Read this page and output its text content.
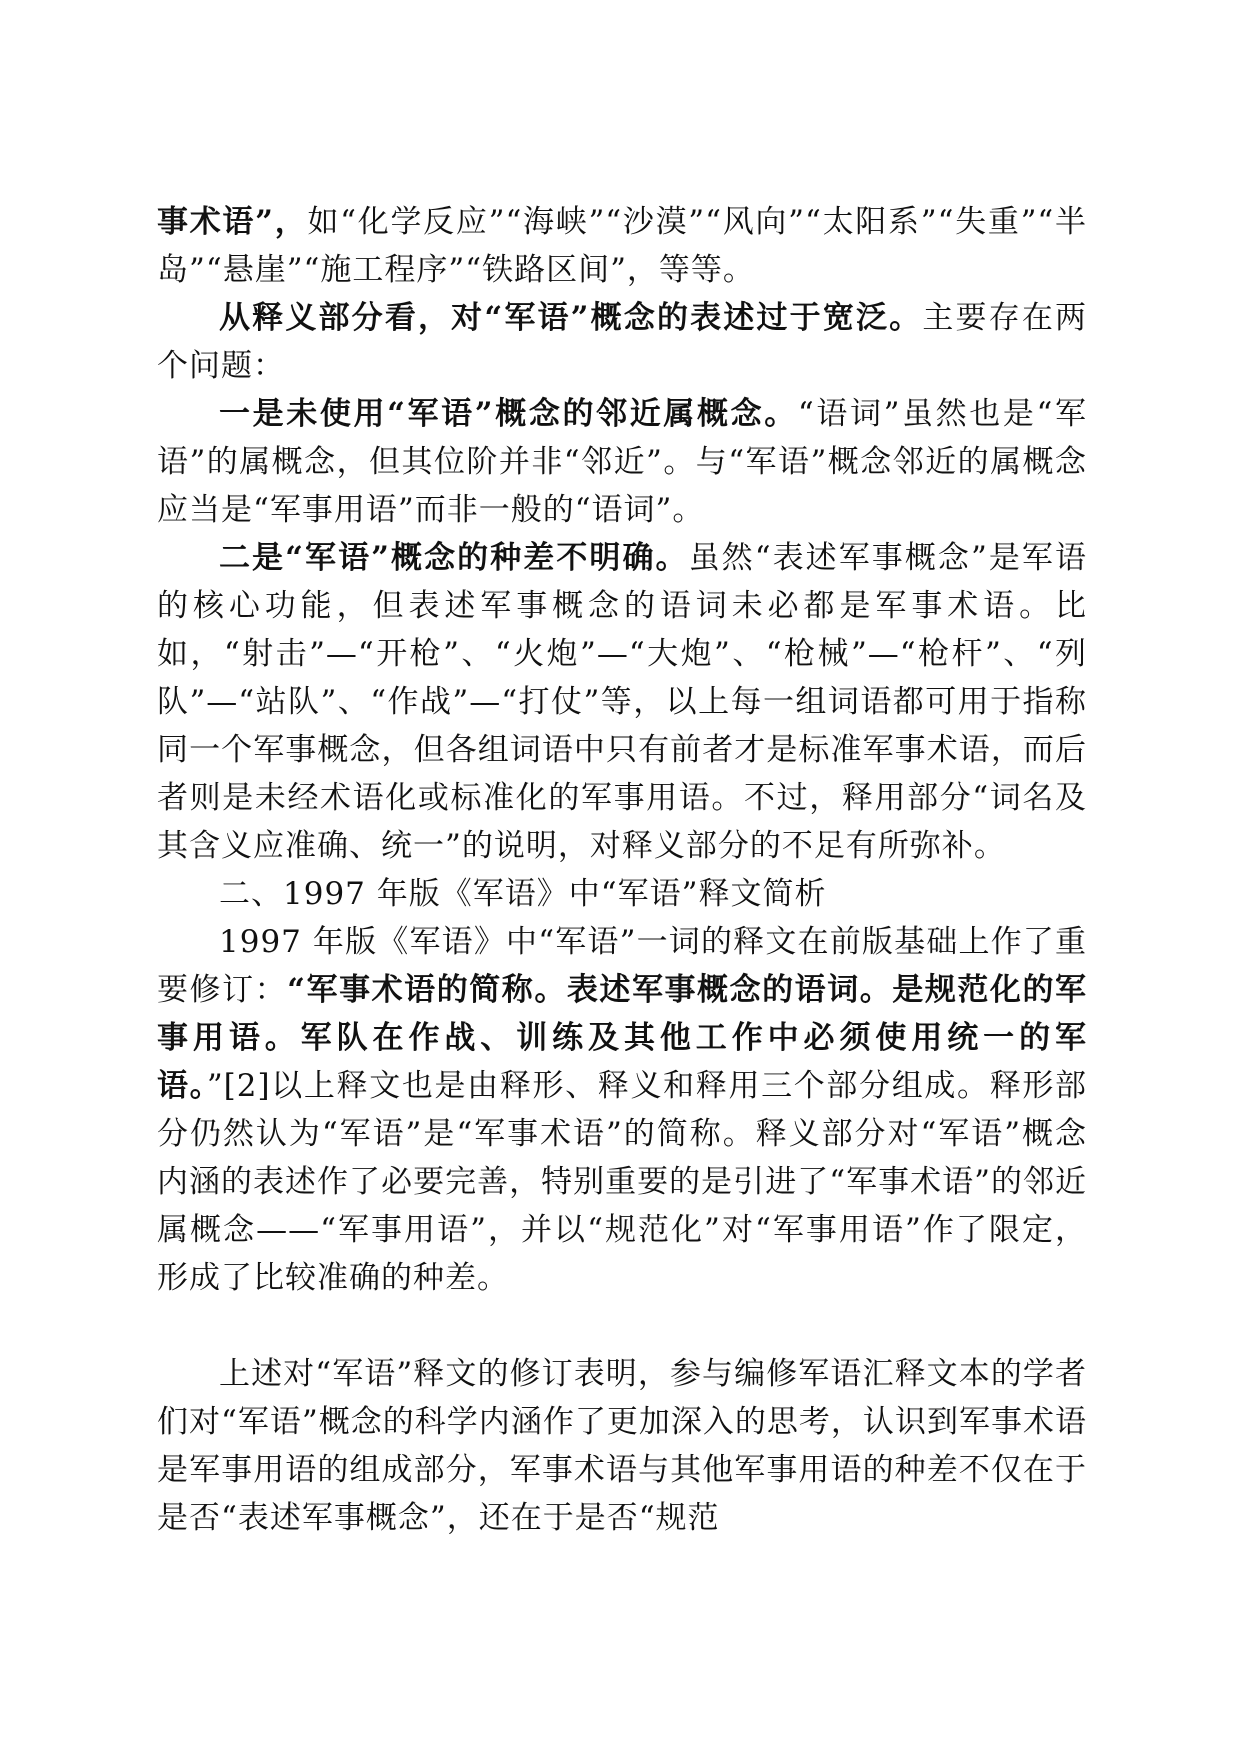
事术语”，如“化学反应”“海峡”“沙漠”“风向”“太阳系”“失重”“半岛”“悬崖”“施工程序”“铁路区间”，等等。

从释义部分看，对“军语”概念的表述过于宽泛。主要存在两个问题：

一是未使用“军语”概念的邻近属概念。“语词”虽然也是“军语”的属概念，但其位阶并非“邻近”。与“军语”概念邻近的属概念应当是“军事用语”而非一般的“语词”。

二是“军语”概念的种差不明确。虽然“表述军事概念”是军语的核心功能，但表述军事概念的语词未必都是军事术语。比如，“射击”—“开枪”、“火炮”—“大炮”、“枪械”—“枪杆”、“列队”—“站队”、“作战”—“打仗”等，以上每一组词语都可用于指称同一个军事概念，但各组词语中只有前者才是标准军事术语，而后者则是未经术语化或标准化的军事用语。不过，释用部分“词名及其含义应准确、统一”的说明，对释义部分的不足有所弥补。

二、1997 年版《军语》中“军语”释文简析

1997 年版《军语》中“军语”一词的释文在前版基础上作了重要修订：“军事术语的简称。表述军事概念的语词。是规范化的军事用语。军队在作战、训练及其他工作中必须使用统一的军语。”[2]以上释文也是由释形、释义和释用三个部分组成。释形部分仍然认为“军语”是“军事术语”的简称。释义部分对“军语”概念内涵的表述作了必要完善，特别重要的是引进了“军事术语”的邻近属概念——“军事用语”，并以“规范化”对“军事用语”作了限定，形成了比较准确的种差。

上述对“军语”释文的修订表明，参与编修军语汇释文本的学者们对“军语”概念的科学内涵作了更加深入的思考，认识到军事术语是军事用语的组成部分，军事术语与其他军事用语的种差不仅在于是否“表述军事概念”，还在于是否“规范
